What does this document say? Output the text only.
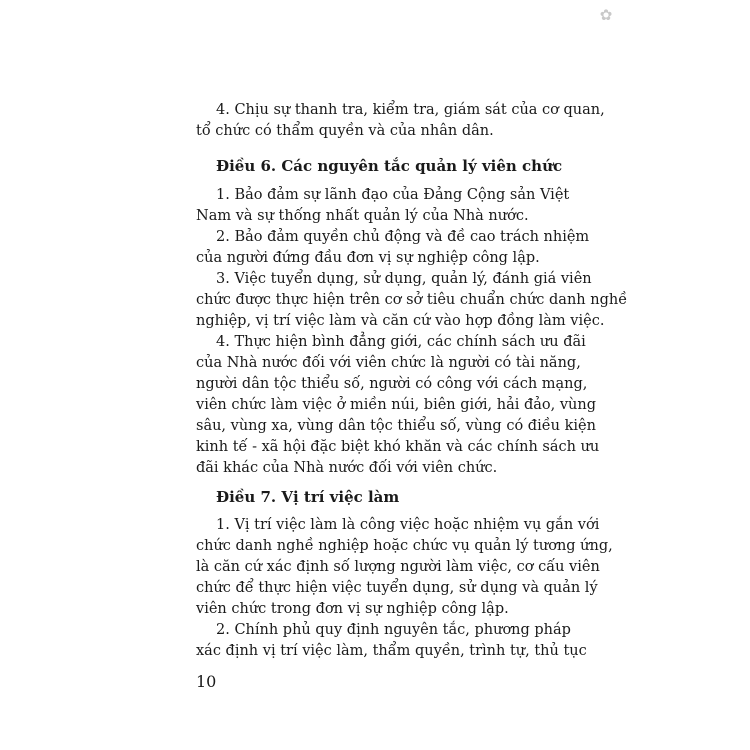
✿
4. Chịu sự thanh tra, kiểm tra, giám sát của cơ quan,
tổ chức có thẩm quyền và của nhân dân.
Điều 6. Các nguyên tắc quản lý viên chức
1. Bảo đảm sự lãnh đạo của Đảng Cộng sản Việt
Nam và sự thống nhất quản lý của Nhà nước.
2. Bảo đảm quyền chủ động và đề cao trách nhiệm
của người đứng đầu đơn vị sự nghiệp công lập.
3. Việc tuyển dụng, sử dụng, quản lý, đánh giá viên
chức được thực hiện trên cơ sở tiêu chuẩn chức danh nghề
nghiệp, vị trí việc làm và căn cứ vào hợp đồng làm việc.
4. Thực hiện bình đẳng giới, các chính sách ưu đãi
của Nhà nước đối với viên chức là người có tài năng,
người dân tộc thiểu số, người có công với cách mạng,
viên chức làm việc ở miền núi, biên giới, hải đảo, vùng
sâu, vùng xa, vùng dân tộc thiểu số, vùng có điều kiện
kinh tế - xã hội đặc biệt khó khăn và các chính sách ưu
đãi khác của Nhà nước đối với viên chức.
Điều 7. Vị trí việc làm
1. Vị trí việc làm là công việc hoặc nhiệm vụ gắn với
chức danh nghề nghiệp hoặc chức vụ quản lý tương ứng,
là căn cứ xác định số lượng người làm việc, cơ cấu viên
chức để thực hiện việc tuyển dụng, sử dụng và quản lý
viên chức trong đơn vị sự nghiệp công lập.
2. Chính phủ quy định nguyên tắc, phương pháp
xác định vị trí việc làm, thẩm quyền, trình tự, thủ tục
10
